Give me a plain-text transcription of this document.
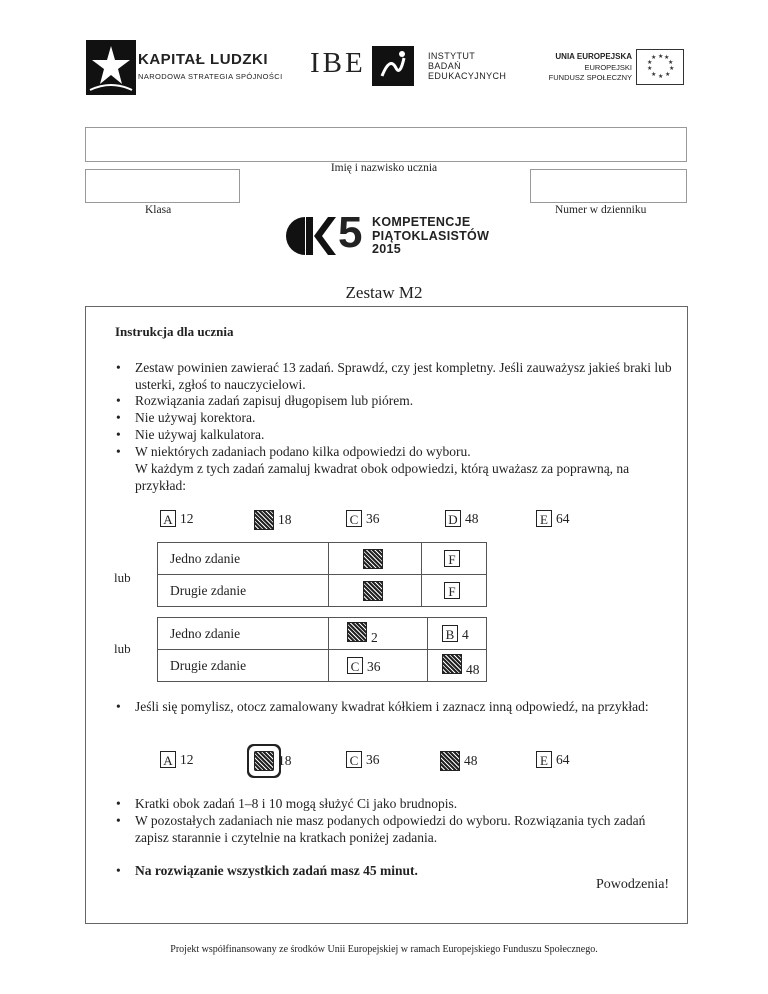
KAPITAŁ LUDZKI
NARODOWA STRATEGIA SPÓJNOŚCI IBE	INSTYTUT
BADAŃ
EDUKACYJNYCH
UNIA EUROPEJSKA
EUROPEJSKI
FUNDUSZ SPOŁECZNY
★ ★
★
★
★
★
★
★
★
★
Imię i nazwisko ucznia
Klasa	Numer w dzienniku
5 KOMPETENCJE
PIĄTOKLASISTÓW
2015
Zestaw M2
Instrukcja dla ucznia
• Zestaw powinien zawierać 13 zadań. Sprawdź, czy jest kompletny. Jeśli zauważysz jakieś braki lub usterki, zgłoś to nauczycielowi.
• Rozwiązania zadań zapisuj długopisem lub piórem.
• Nie używaj korektora.
• Nie używaj kalkulatora.
• W niektórych zadaniach podano kilka odpowiedzi do wyboru.
W każdym z tych zadań zamaluj kwadrat obok odpowiedzi, którą uważasz za poprawną, na przykład:
A 12	18	C 36	D 48	E 64
lub
Jedno zdanie		F
Drugie zdanie		F
lub
Jedno zdanie	2	B 4
Drugie zdanie	C 36	48
• Jeśli się pomylisz, otocz zamalowany kwadrat kółkiem i zaznacz inną odpowiedź, na przykład:
A 12	18	C 36	48	E 64
• Kratki obok zadań 1–8 i 10 mogą służyć Ci jako brudnopis.
• W pozostałych zadaniach nie masz podanych odpowiedzi do wyboru. Rozwiązania tych zadań zapisz starannie i czytelnie na kratkach poniżej zadania.
• Na rozwiązanie wszystkich zadań masz 45 minut.
Powodzenia!
Projekt współfinansowany ze środków Unii Europejskiej w ramach Europejskiego Funduszu Społecznego.
